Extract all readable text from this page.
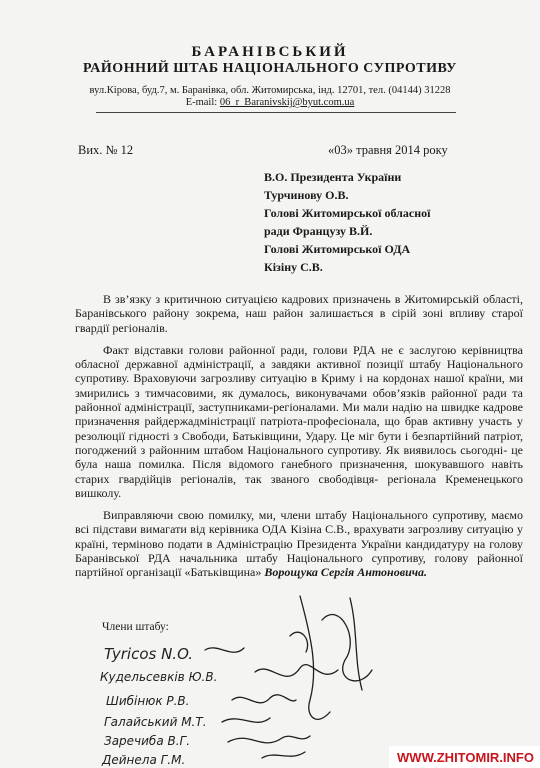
БАРАНІВСЬКИЙ
РАЙОННИЙ ШТАБ НАЦІОНАЛЬНОГО СУПРОТИВУ
вул.Кірова, буд.7, м. Баранівка, обл. Житомирська, інд. 12701, тел. (04144) 31228
E-mail: 06_r_Baranivskij@byut.com.ua
Вих. № 12	«03» травня 2014 року
В.О. Президента України
Турчинову О.В.
Голові Житомирської обласної
ради Французу В.Й.
Голові Житомирської ОДА
Кізіну С.В.

В зв’язку з критичною ситуацією кадрових призначень в Житомирській області, Баранівського району зокрема, наш район залишається в сірій зоні впливу старої гвардії регіоналів.

Факт відставки голови районної ради, голови РДА не є заслугою керівництва обласної державної адміністрації, а завдяки активної позиції штабу Національного супротиву. Враховуючи загрозливу ситуацію в Криму і на кордонах нашої країни, ми змирились з тимчасовими, як думалось, виконувачами обов’язків районної ради та районної адміністрації, заступниками-регіоналами. Ми мали надію на швидке кадрове призначення райдержадміністрації патріота-професіонала, що брав активну участь у резолюції гідності з Свободи, Батьківщини, Удару. Це міг бути і безпартійний патріот, погоджений з районним штабом Національного супротиву. Як виявилось сьогодні- це була наша помилка. Після відомого ганебного призначення, шокувавшого навіть старих гвардійців регіоналів, так званого свободівця- регіонала Кременецького вишколу.

Виправляючи свою помилку, ми, члени штабу Національного супротиву, маємо всі підстави вимагати від керівника ОДА Кізіна С.В., врахувати загрозливу ситуацію у країні, терміново подати в Адміністрацію Президента України кандидатуру на голову Баранівської РДА начальника штабу Національного супротиву, голову районної партійної організації «Батьківщина» Ворощука Сергія Антоновича.

Члени штабу:
Tyricos N.O.
Кудельсевків Ю.В.
Шибінюк Р.В.
Галайський М.Т.
Заречибa B.Г.
Дейнела Г.М.	WWW.ZHITOMIR.INFO
